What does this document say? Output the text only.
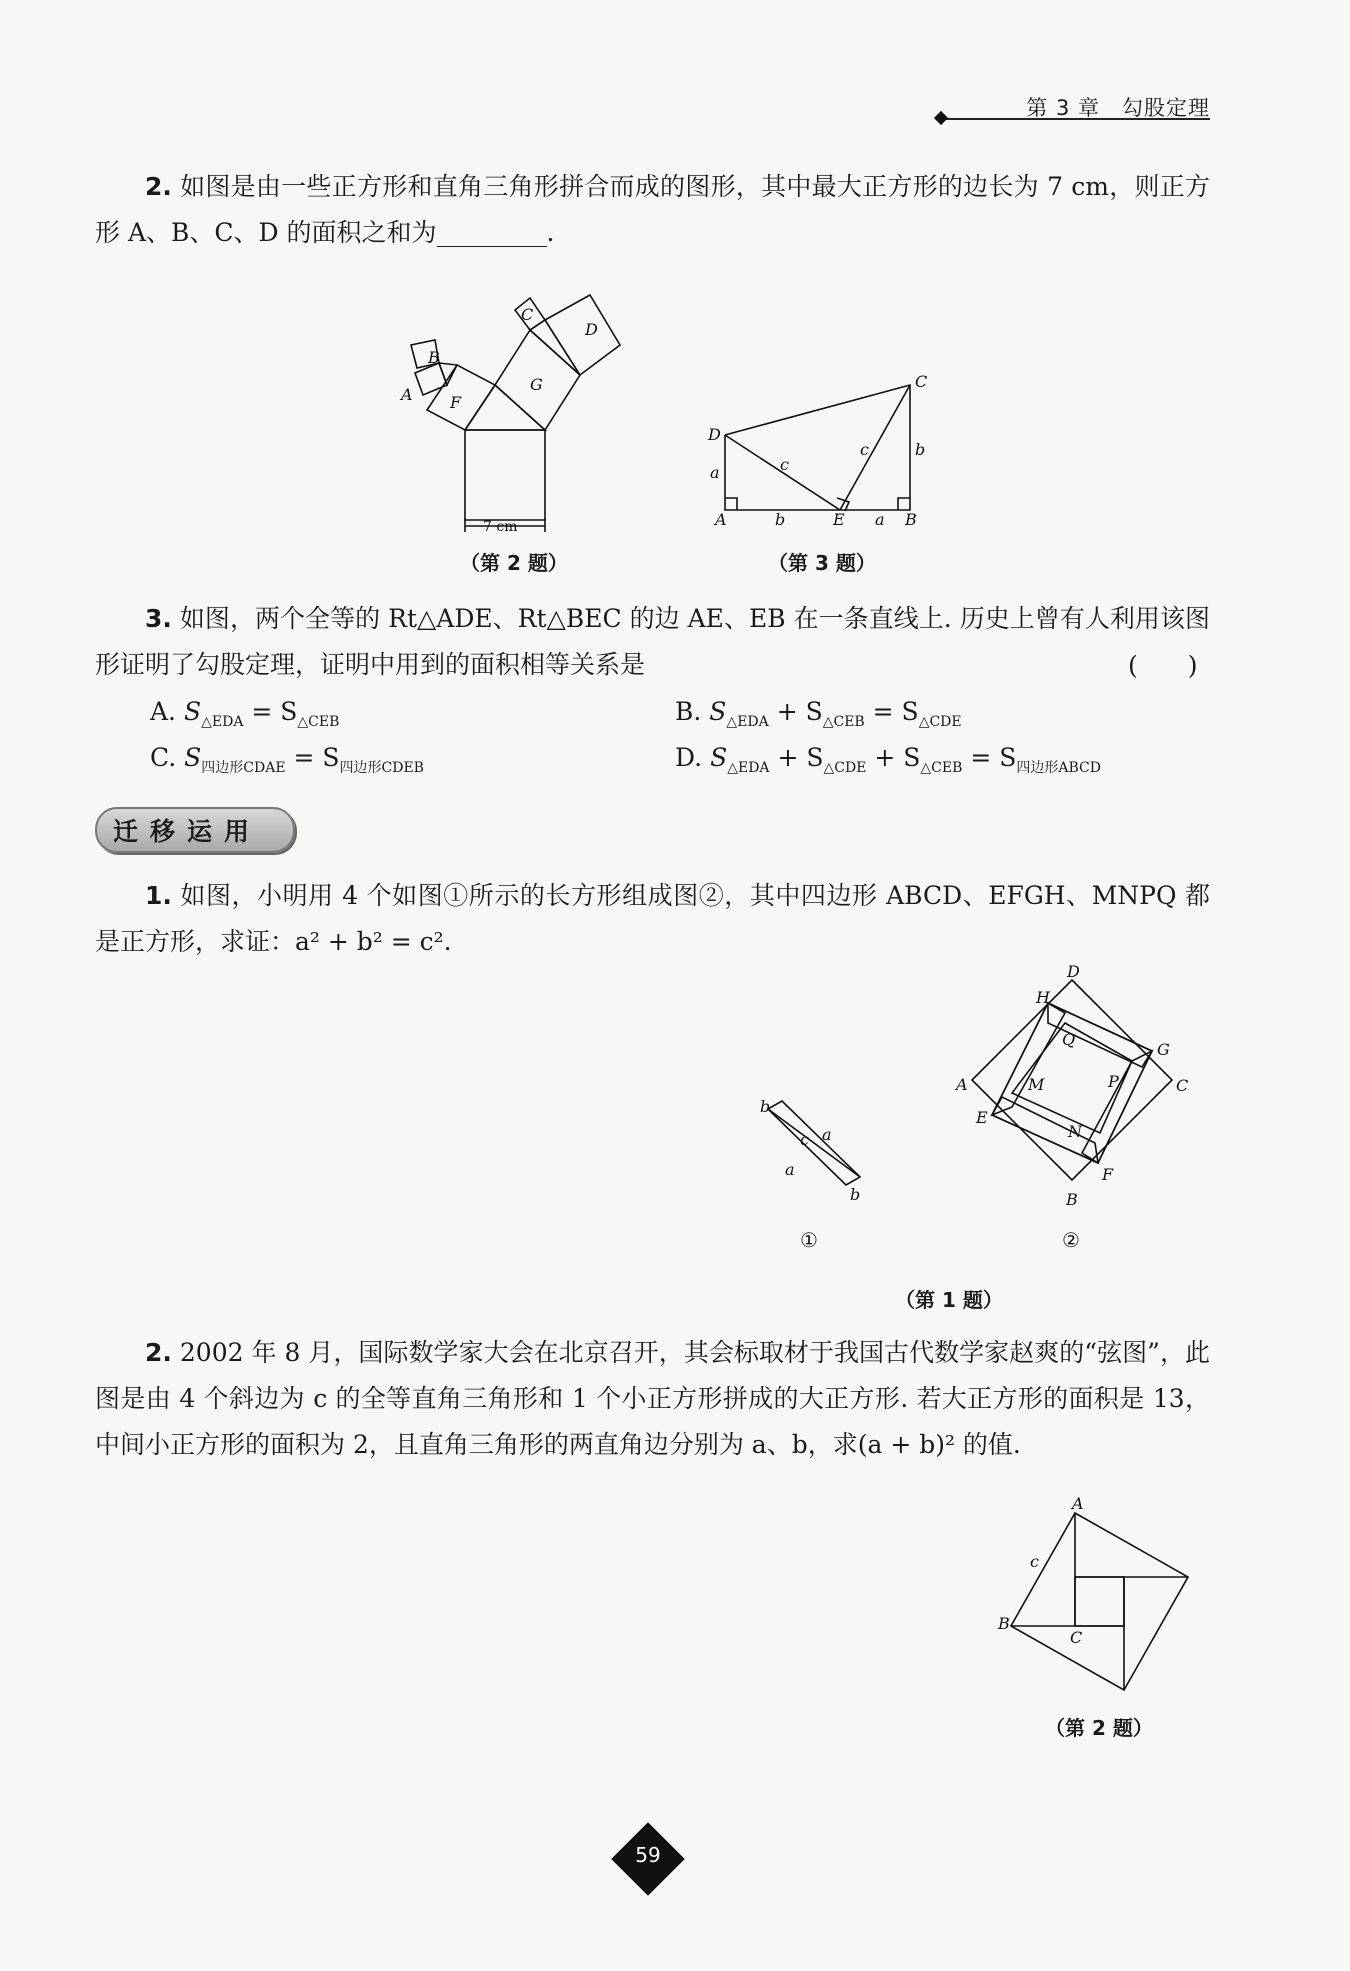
第 3 章　勾股定理
2. 如图是由一些正方形和直角三角形拼合而成的图形，其中最大正方形的边长为 7 cm，则正方形 A、B、C、D 的面积之和为	.
B
A F
G
C
D
7 cm
D
C
A	E	B
a
b	a
b
c
c
（第 2 题）	（第 3 题）
3. 如图，两个全等的 Rt△ADE、Rt△BEC 的边 AE、EB 在一条直线上. 历史上曾有人利用该图形证明了勾股定理，证明中用到的面积相等关系是	(　　)
A. $S_{\triangle EDA} = S_{\triangle CEB}$	B. $S_{\triangle EDA} + S_{\triangle CEB} = S_{\triangle CDE}$
C. $S_{四边形CDAE} = S_{四边形CDEB}$	D. $S_{\triangle EDA} + S_{\triangle CDE} + S_{\triangle CEB} = S_{四边形ABCD}$
迁移运用
1. 如图，小明用 4 个如图①所示的长方形组成图②，其中四边形 ABCD、EFGH、MNPQ 都是正方形，求证：a² + b² = c².
b
a
c
a
b
D
H
G
C
A
E
F
B
Q
M	P
N
①	②
（第 1 题）
2. 2002 年 8 月，国际数学家大会在北京召开，其会标取材于我国古代数学家赵爽的“弦图”，此图是由 4 个斜边为 c 的全等直角三角形和 1 个小正方形拼成的大正方形. 若大正方形的面积是 13，中间小正方形的面积为 2，且直角三角形的两直角边分别为 a、b，求(a + b)² 的值.
A
B
C
c
（第 2 题）
59
